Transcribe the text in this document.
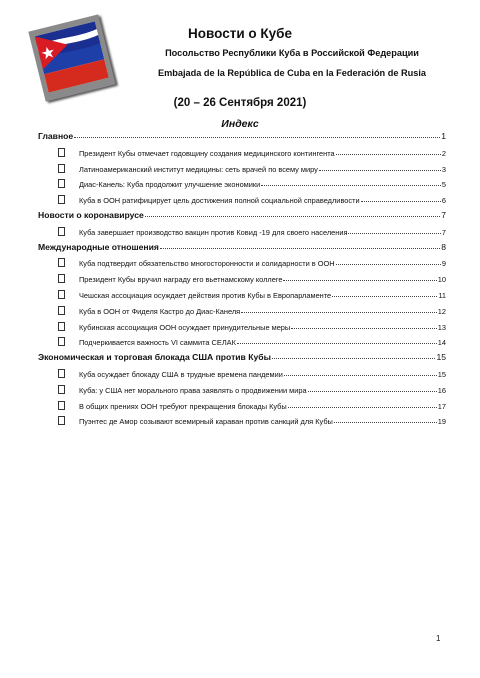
Новости о Кубе
Посольство Республики Куба в Российской Федерации
Embajada de la República de Cuba en la Federación de Rusia
(20 – 26 Сентября 2021)
Индекс
Главное	1
Президент Кубы отмечает годовщину создания медицинского контингента	2
Латиноамериканский институт медицины: сеть врачей по всему миру	3
Диас-Канель: Куба продолжит улучшение экономики	5
Куба в ООН ратифицирует цель достижения полной социальной справедливости	6
Новости о коронавирусе	7
Куба завершает производство вакцин против Ковид -19 для своего населения	7
Международные отношения	8
Куба подтвердит обязательство многосторонности и солидарности в ООН	9
Президент Кубы вручил награду его вьетнамскому коллеге	10
Чешская ассоциация осуждает действия против Кубы в Европарламенте	11
Куба в ООН от Фиделя Кастро до Диас-Канеля	12
Кубинская ассоциация ООН осуждает принудительные меры	13
Подчеркивается важность VI саммита СЕЛАК	14
Экономическая и торговая блокада США против Кубы	15
Куба осуждает блокаду США в трудные времена пандемии	15
Куба: у США нет морального права заявлять о продвижении мира	16
В общих прениях ООН требуют прекращения блокады Кубы	17
Пуэнтес де Амор созывают всемирный караван против санкций для Кубы	19
1
